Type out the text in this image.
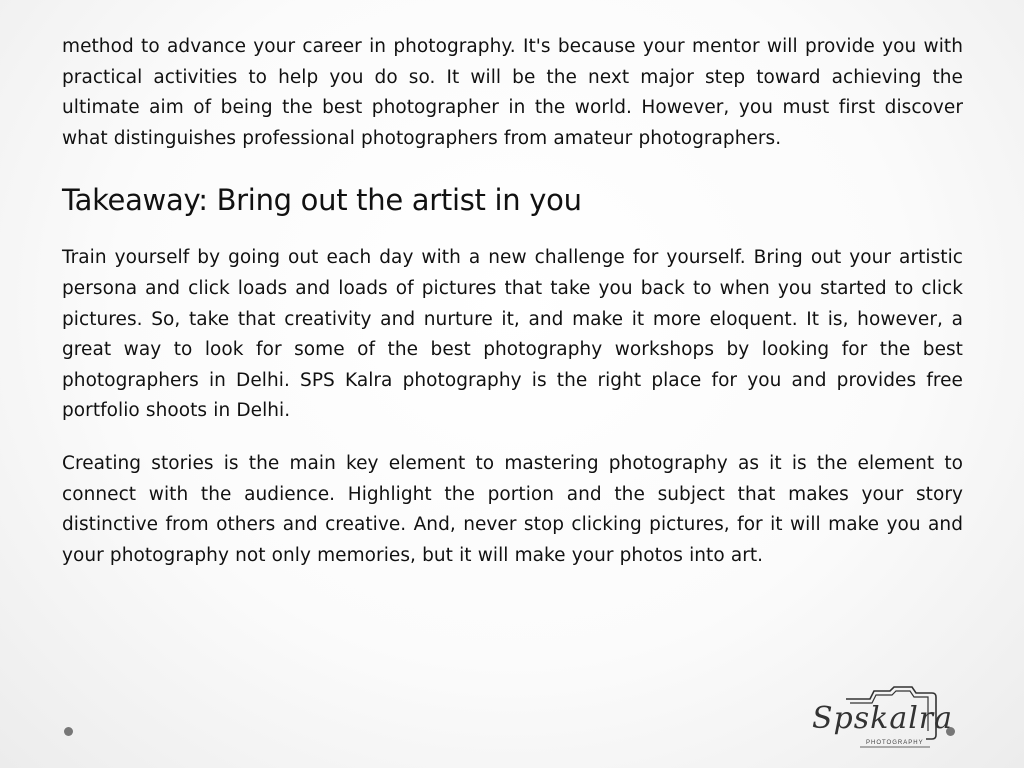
method to advance your career in photography. It's because your mentor will provide you with practical activities to help you do so. It will be the next major step toward achieving the ultimate aim of being the best photographer in the world. However, you must first discover what distinguishes professional photographers from amateur photographers.

Takeaway: Bring out the artist in you

Train yourself by going out each day with a new challenge for yourself. Bring out your artistic persona and click loads and loads of pictures that take you back to when you started to click pictures. So, take that creativity and nurture it, and make it more eloquent. It is, however, a great way to look for some of the best photography workshops by looking for the best photographers in Delhi. SPS Kalra photography is the right place for you and provides free portfolio shoots in Delhi.

Creating stories is the main key element to mastering photography as it is the element to connect with the audience. Highlight the portion and the subject that makes your story distinctive from others and creative. And, never stop clicking pictures, for it will make you and your photography not only memories, but it will make your photos into art.

Spskalra
PHOTOGRAPHY
